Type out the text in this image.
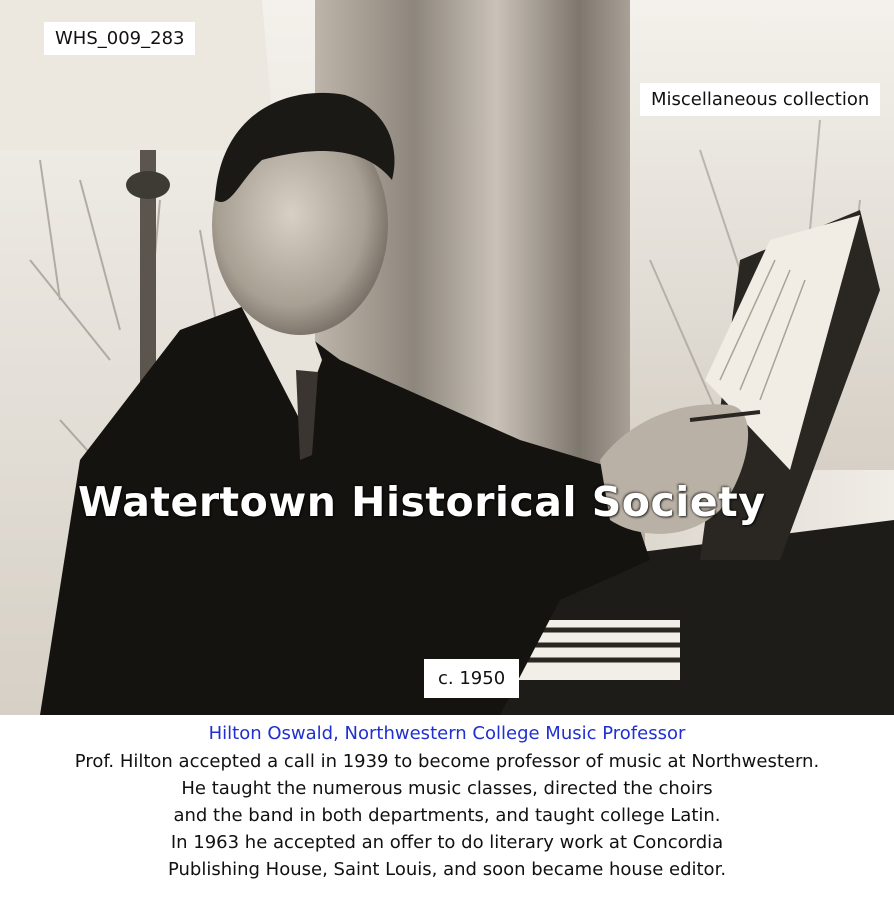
WHS_009_283
Miscellaneous collection
Watertown Historical Society
c. 1950
Hilton Oswald, Northwestern College Music Professor
Prof. Hilton accepted a call in 1939 to become professor of music at Northwestern.
He taught the numerous music classes, directed the choirs
and the band in both departments, and taught college Latin.
In 1963 he accepted an offer to do literary work at Concordia
Publishing House, Saint Louis, and soon became house editor.
